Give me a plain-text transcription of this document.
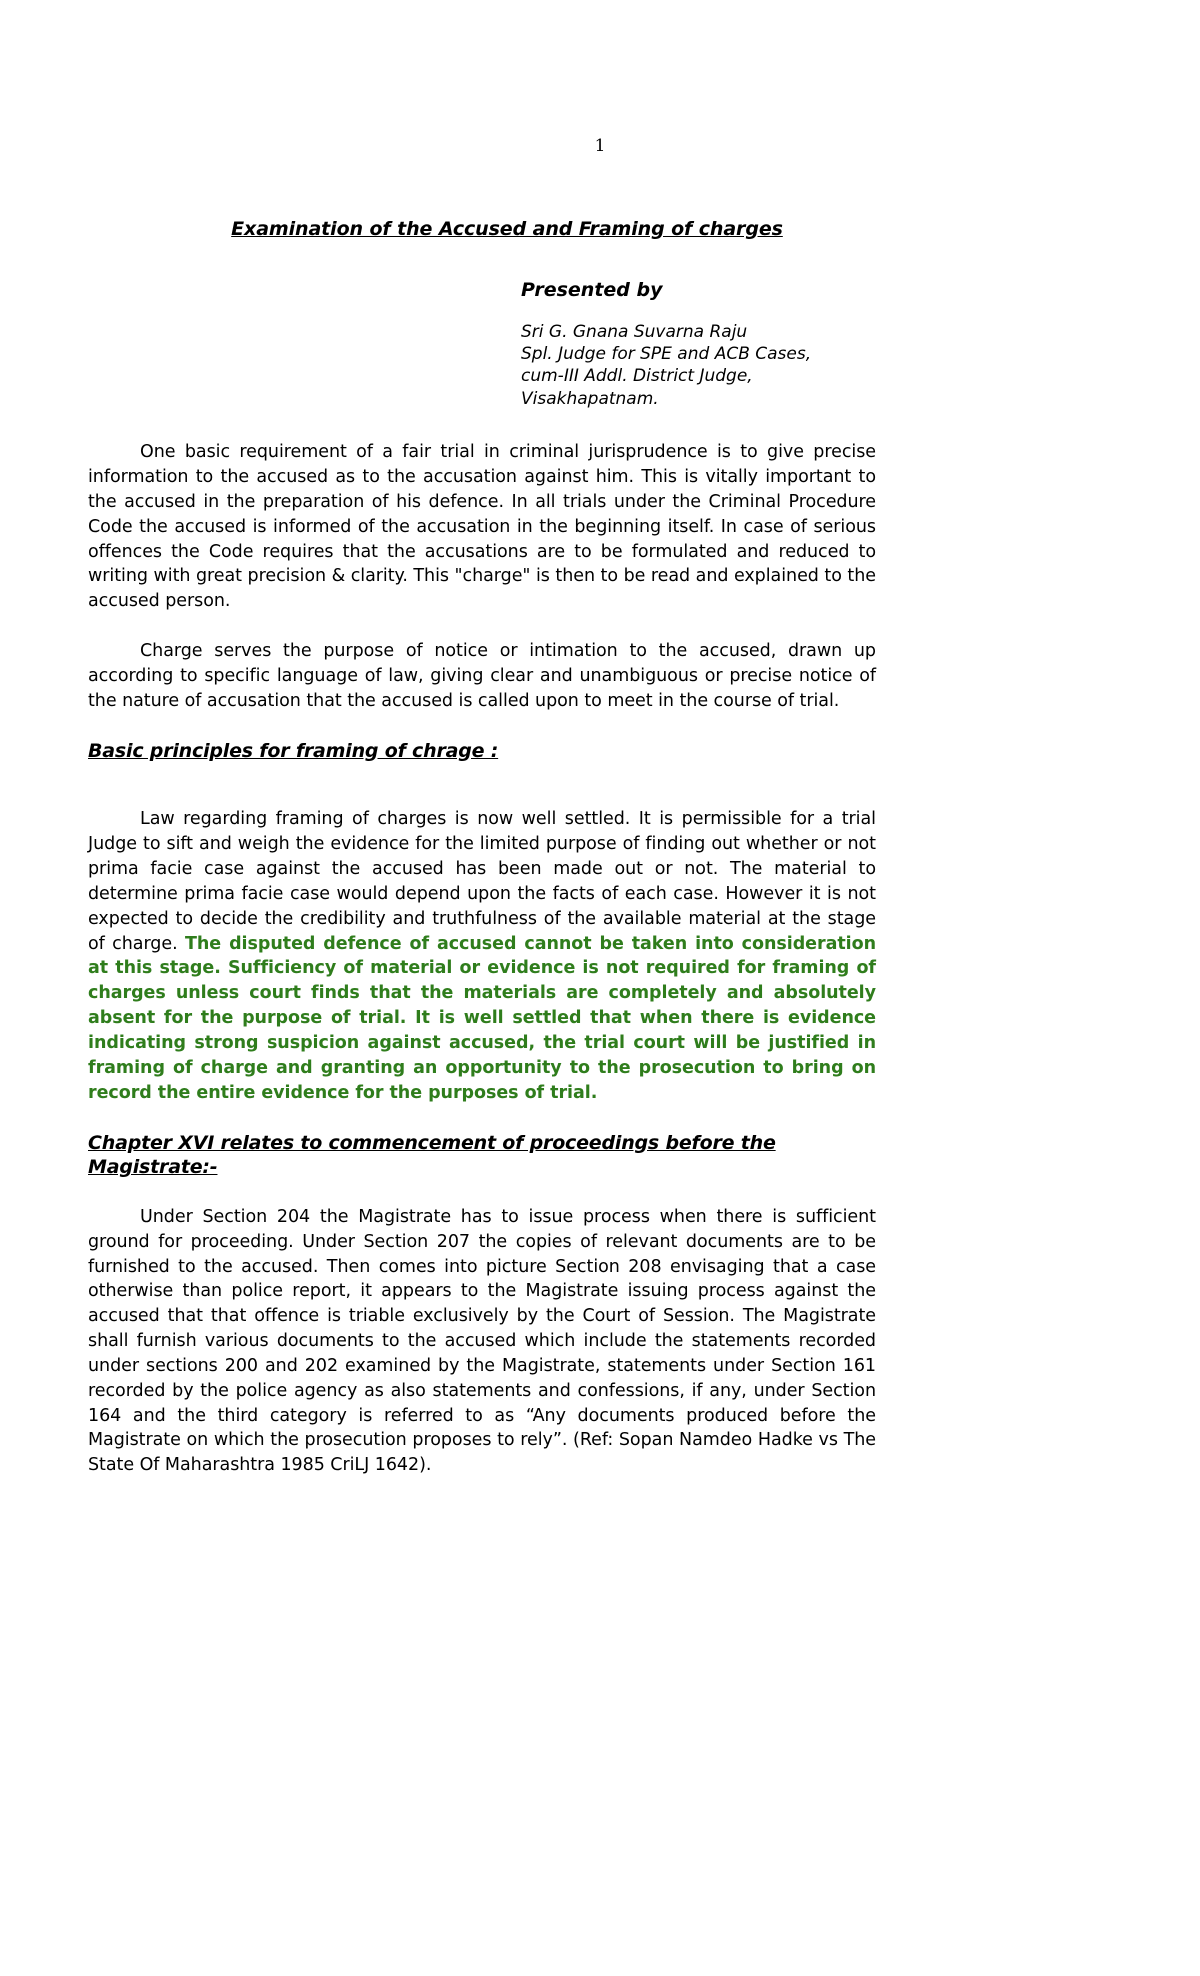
1
Examination of the Accused and Framing of charges
Presented by
Sri G. Gnana Suvarna Raju
Spl. Judge for SPE and ACB Cases,
cum-III Addl. District Judge,
Visakhapatnam.

One basic requirement of a fair trial in criminal jurisprudence is to give precise information to the accused as to the accusation against him. This is vitally important to the accused in the preparation of his defence. In all trials under the Criminal Procedure Code the accused is informed of the accusation in the beginning itself. In case of serious offences the Code requires that the accusations are to be formulated and reduced to writing with great precision & clarity. This "charge" is then to be read and explained to the accused person.

Charge serves the purpose of notice or intimation to the accused, drawn up according to specific language of law, giving clear and unambiguous or precise notice of the nature of accusation that the accused is called upon to meet in the course of trial.

Basic principles for framing of chrage :

Law regarding framing of charges is now well settled. It is permissible for a trial Judge to sift and weigh the evidence for the limited purpose of finding out whether or not prima facie case against the accused has been made out or not. The material to determine prima facie case would depend upon the facts of each case. However it is not expected to decide the credibility and truthfulness of the available material at the stage of charge. The disputed defence of accused cannot be taken into consideration at this stage. Sufficiency of material or evidence is not required for framing of charges unless court finds that the materials are completely and absolutely absent for the purpose of trial. It is well settled that when there is evidence indicating strong suspicion against accused, the trial court will be justified in framing of charge and granting an opportunity to the prosecution to bring on record the entire evidence for the purposes of trial.

Chapter XVI relates to commencement of proceedings before the Magistrate:-

Under Section 204 the Magistrate has to issue process when there is sufficient ground for proceeding. Under Section 207 the copies of relevant documents are to be furnished to the accused. Then comes into picture Section 208 envisaging that a case otherwise than police report, it appears to the Magistrate issuing process against the accused that that offence is triable exclusively by the Court of Session. The Magistrate shall furnish various documents to the accused which include the statements recorded under sections 200 and 202 examined by the Magistrate, statements under Section 161 recorded by the police agency as also statements and confessions, if any, under Section 164 and the third category is referred to as “Any documents produced before the Magistrate on which the prosecution proposes to rely”. (Ref: Sopan Namdeo Hadke vs The State Of Maharashtra 1985 CriLJ 1642).
